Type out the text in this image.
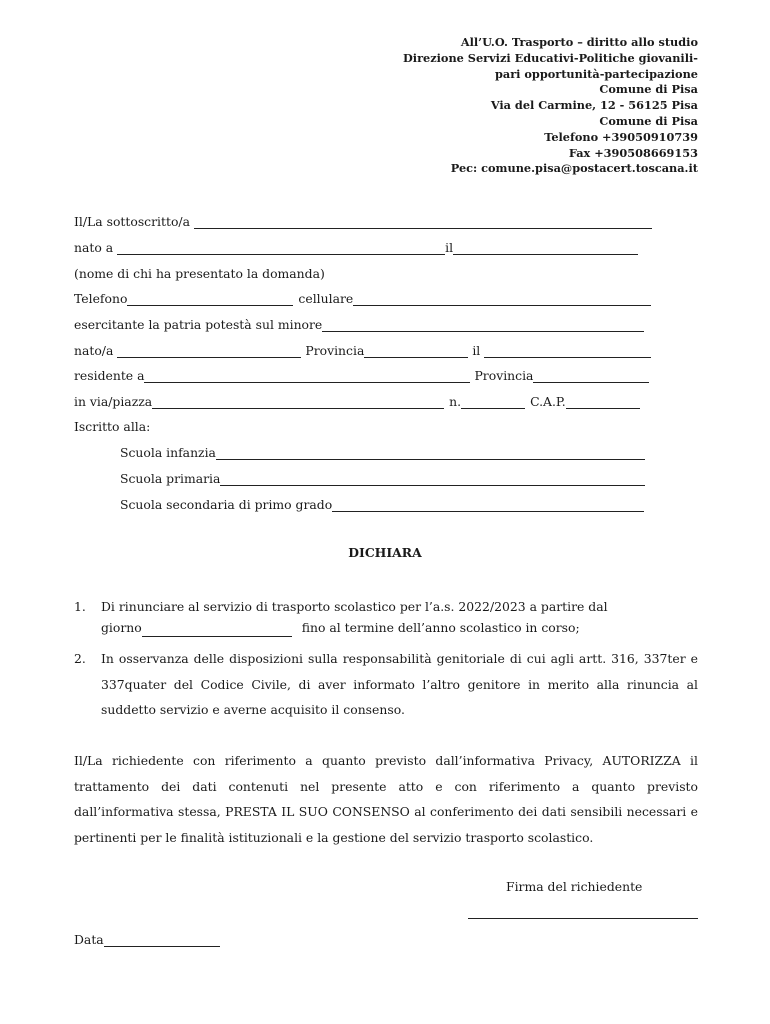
All’U.O. Trasporto – diritto allo studio
Direzione Servizi Educativi-Politiche giovanili-
pari opportunità-partecipazione
Comune di Pisa
Via del Carmine, 12 - 56125 Pisa
Comune di Pisa
Telefono +39050910739
Fax +390508669153
Pec: comune.pisa@postacert.toscana.it
Il/La sottoscritto/a
nato a	il
(nome di chi ha presentato la domanda)
Telefono	cellulare
esercitante la patria potestà sul minore
nato/a	Provincia	il
residente a	Provincia
in via/piazza	n.	C.A.P.
Iscritto alla:
Scuola infanzia
Scuola primaria
Scuola secondaria di primo grado
DICHIARA
1. Di rinunciare al servizio di trasporto scolastico per l’a.s. 2022/2023 a partire dal
giorno	fino al termine dell’anno scolastico in corso;
2. In osservanza delle disposizioni sulla responsabilità genitoriale di cui agli artt. 316, 337ter e 337quater del Codice Civile, di aver informato l’altro genitore in merito alla rinuncia al suddetto servizio e averne acquisito il consenso.
Il/La richiedente con riferimento a quanto previsto dall’informativa Privacy, AUTORIZZA il trattamento dei dati contenuti nel presente atto e con riferimento a quanto previsto dall’informativa stessa, PRESTA IL SUO CONSENSO al conferimento dei dati sensibili necessari e pertinenti per le finalità istituzionali e la gestione del servizio trasporto scolastico.
Firma del richiedente
Data
